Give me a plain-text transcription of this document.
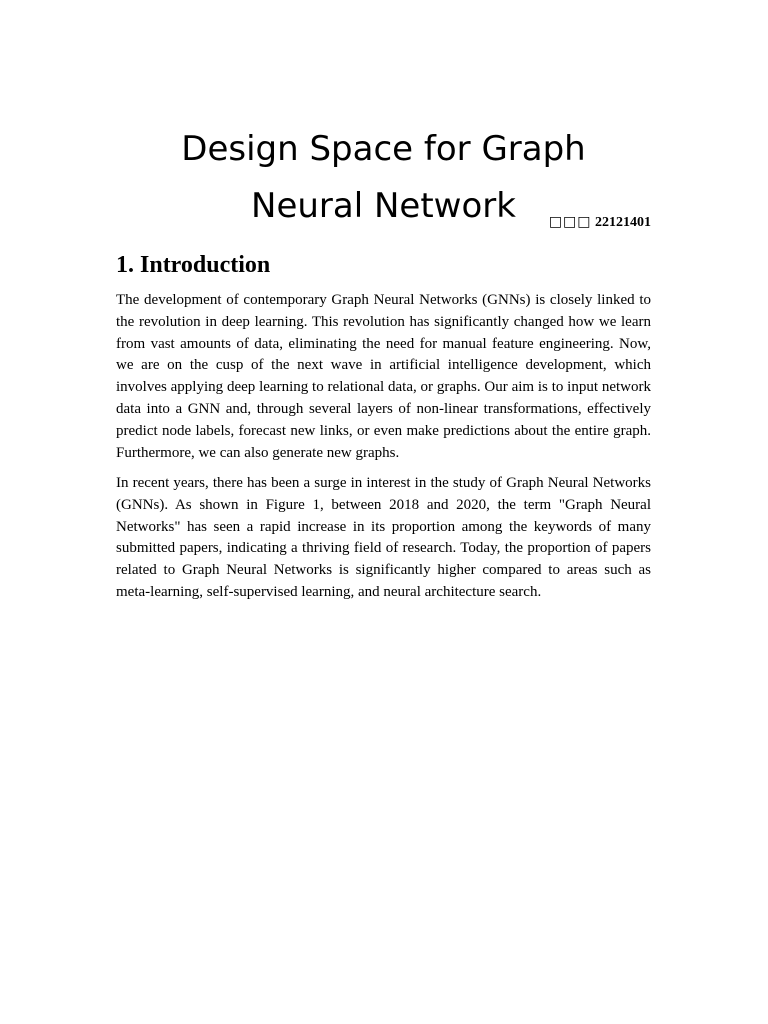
Design Space for Graph
Neural Network	□□□ 22121401
1. Introduction

The development of contemporary Graph Neural Networks (GNNs) is closely linked to the revolution in deep learning. This revolution has significantly changed how we learn from vast amounts of data, eliminating the need for manual feature engineering. Now, we are on the cusp of the next wave in artificial intelligence development, which involves applying deep learning to relational data, or graphs. Our aim is to input network data into a GNN and, through several layers of non-linear transformations, effectively predict node labels, forecast new links, or even make predictions about the entire graph. Furthermore, we can also generate new graphs.

In recent years, there has been a surge in interest in the study of Graph Neural Networks (GNNs). As shown in Figure 1, between 2018 and 2020, the term "Graph Neural Networks" has seen a rapid increase in its proportion among the keywords of many submitted papers, indicating a thriving field of research. Today, the proportion of papers related to Graph Neural Networks is significantly higher compared to areas such as meta-learning, self-supervised learning, and neural architecture search.
